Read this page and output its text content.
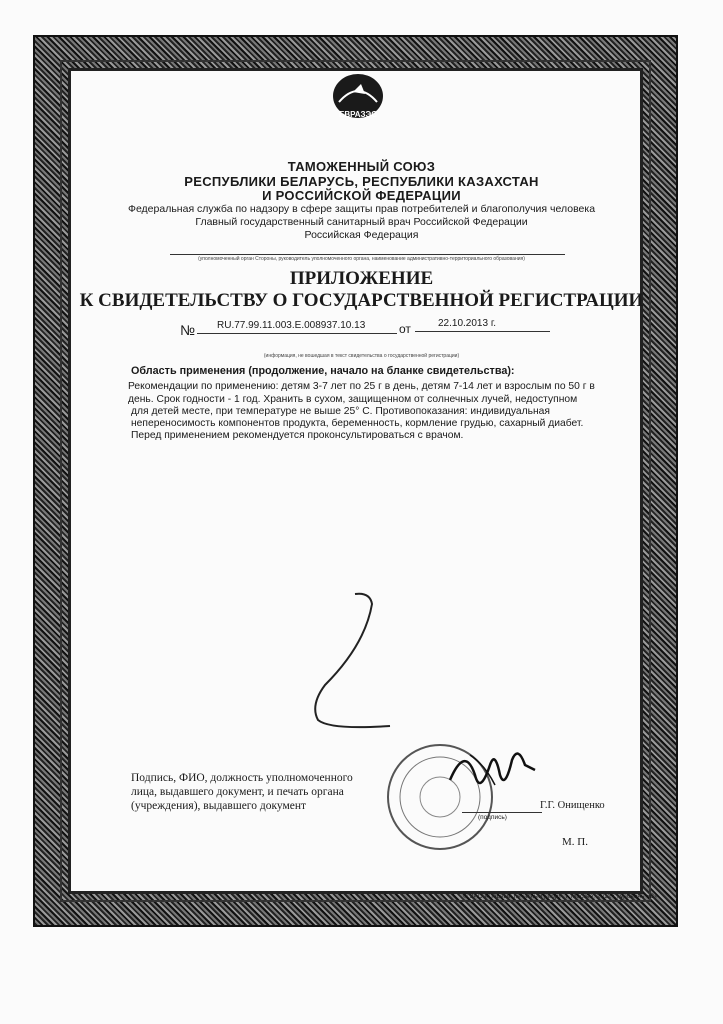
ЕВРАЗЭС
ТАМОЖЕННЫЙ СОЮЗ
РЕСПУБЛИКИ БЕЛАРУСЬ, РЕСПУБЛИКИ КАЗАХСТАН
И РОССИЙСКОЙ ФЕДЕРАЦИИ
Федеральная служба по надзору в сфере защиты прав потребителей и благополучия человека
Главный государственный санитарный врач Российской Федерации
Российская Федерация
(уполномоченный орган Стороны, руководитель уполномоченного органа, наименование административно-территориального образования)
ПРИЛОЖЕНИЕ
К СВИДЕТЕЛЬСТВУ О ГОСУДАРСТВЕННОЙ РЕГИСТРАЦИИ
№ RU.77.99.11.003.Е.008937.10.13	от	22.10.2013 г.
(информация, не вошедшая в текст свидетельства о государственной регистрации)
Область применения (продолжение, начало на бланке свидетельства):
Рекомендации по применению: детям 3-7 лет по 25 г в день, детям 7-14 лет и взрослым по 50 г в
день. Срок годности - 1 год. Хранить в сухом, защищенном от солнечных лучей, недоступном
для детей месте, при температуре не выше 25° С. Противопоказания: индивидуальная
непереносимость компонентов продукта, беременность, кормление грудью, сахарный диабет.
Перед применением рекомендуется проконсультироваться с врачом.
Подпись, ФИО, должность уполномоченного
лица, выдавшего документ, и печать органа
(учреждения), выдавшего документ
(подпись)
Г.Г. Онищенко
М. П.
© ЗАО «Первый печатный двор», г. Москва, 2012 г., уровень «В»
